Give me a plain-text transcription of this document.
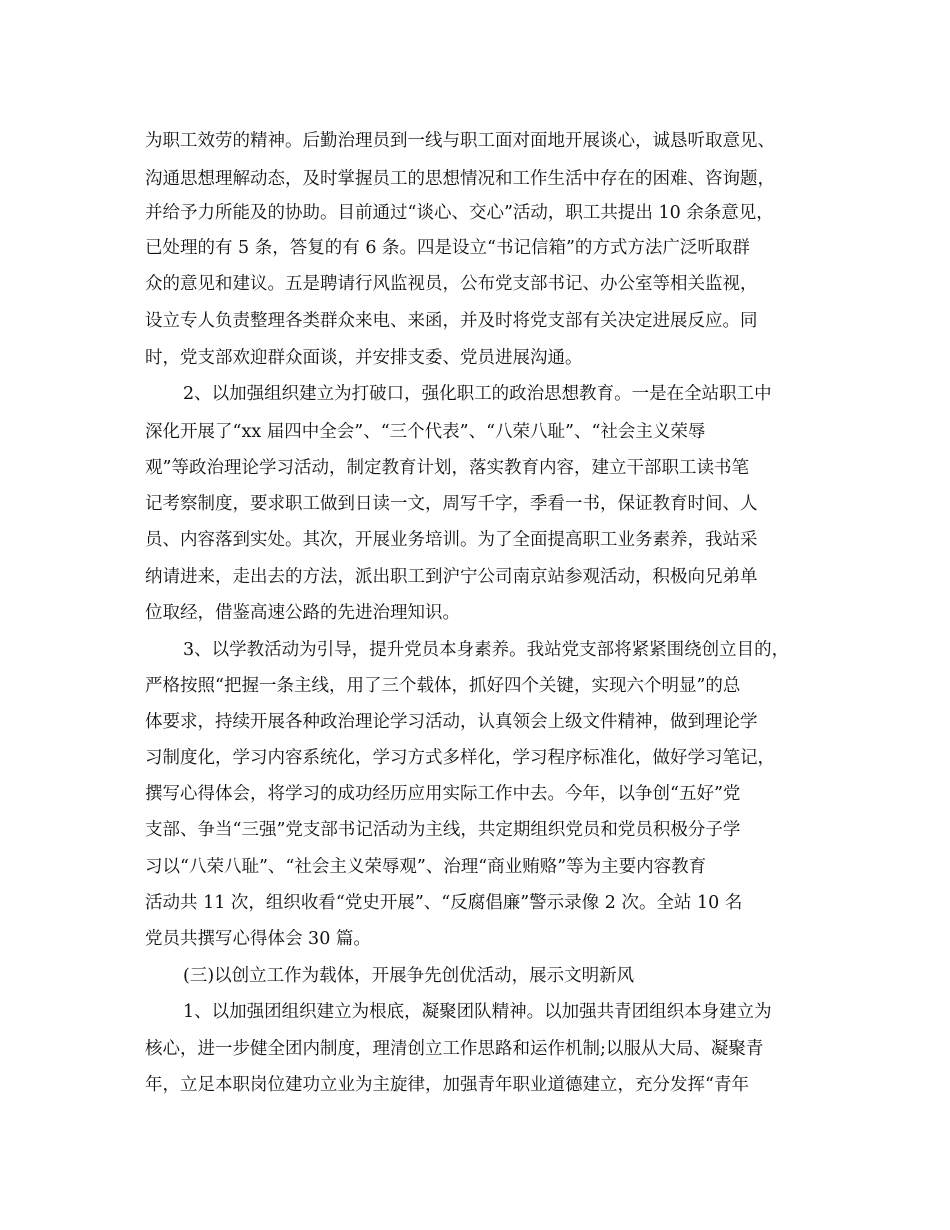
为职工效劳的精神。后勤治理员到一线与职工面对面地开展谈心，诚恳听取意见、
沟通思想理解动态，及时掌握员工的思想情况和工作生活中存在的困难、咨询题，
并给予力所能及的协助。目前通过“谈心、交心”活动，职工共提出 10 余条意见，
已处理的有 5 条，答复的有 6 条。四是设立“书记信箱”的方式方法广泛听取群
众的意见和建议。五是聘请行风监视员，公布党支部书记、办公室等相关监视，
设立专人负责整理各类群众来电、来函，并及时将党支部有关决定进展反应。同
时，党支部欢迎群众面谈，并安排支委、党员进展沟通。
2、以加强组织建立为打破口，强化职工的政治思想教育。一是在全站职工中
深化开展了“xx 届四中全会”、“三个代表”、“八荣八耻”、“社会主义荣辱
观”等政治理论学习活动，制定教育计划，落实教育内容，建立干部职工读书笔
记考察制度，要求职工做到日读一文，周写千字，季看一书，保证教育时间、人
员、内容落到实处。其次，开展业务培训。为了全面提高职工业务素养，我站采
纳请进来，走出去的方法，派出职工到沪宁公司南京站参观活动，积极向兄弟单
位取经，借鉴高速公路的先进治理知识。
3、以学教活动为引导，提升党员本身素养。我站党支部将紧紧围绕创立目的，
严格按照“把握一条主线，用了三个载体，抓好四个关键，实现六个明显”的总
体要求，持续开展各种政治理论学习活动，认真领会上级文件精神，做到理论学
习制度化，学习内容系统化，学习方式多样化，学习程序标准化，做好学习笔记，
撰写心得体会，将学习的成功经历应用实际工作中去。今年，以争创“五好”党
支部、争当“三强”党支部书记活动为主线，共定期组织党员和党员积极分子学
习以“八荣八耻”、“社会主义荣辱观”、治理“商业贿赂”等为主要内容教育
活动共 11 次，组织收看“党史开展”、“反腐倡廉”警示录像 2 次。全站 10 名
党员共撰写心得体会 30 篇。
(三)以创立工作为载体，开展争先创优活动，展示文明新风
1、以加强团组织建立为根底，凝聚团队精神。以加强共青团组织本身建立为
核心，进一步健全团内制度，理清创立工作思路和运作机制;以服从大局、凝聚青
年，立足本职岗位建功立业为主旋律，加强青年职业道德建立，充分发挥“青年
